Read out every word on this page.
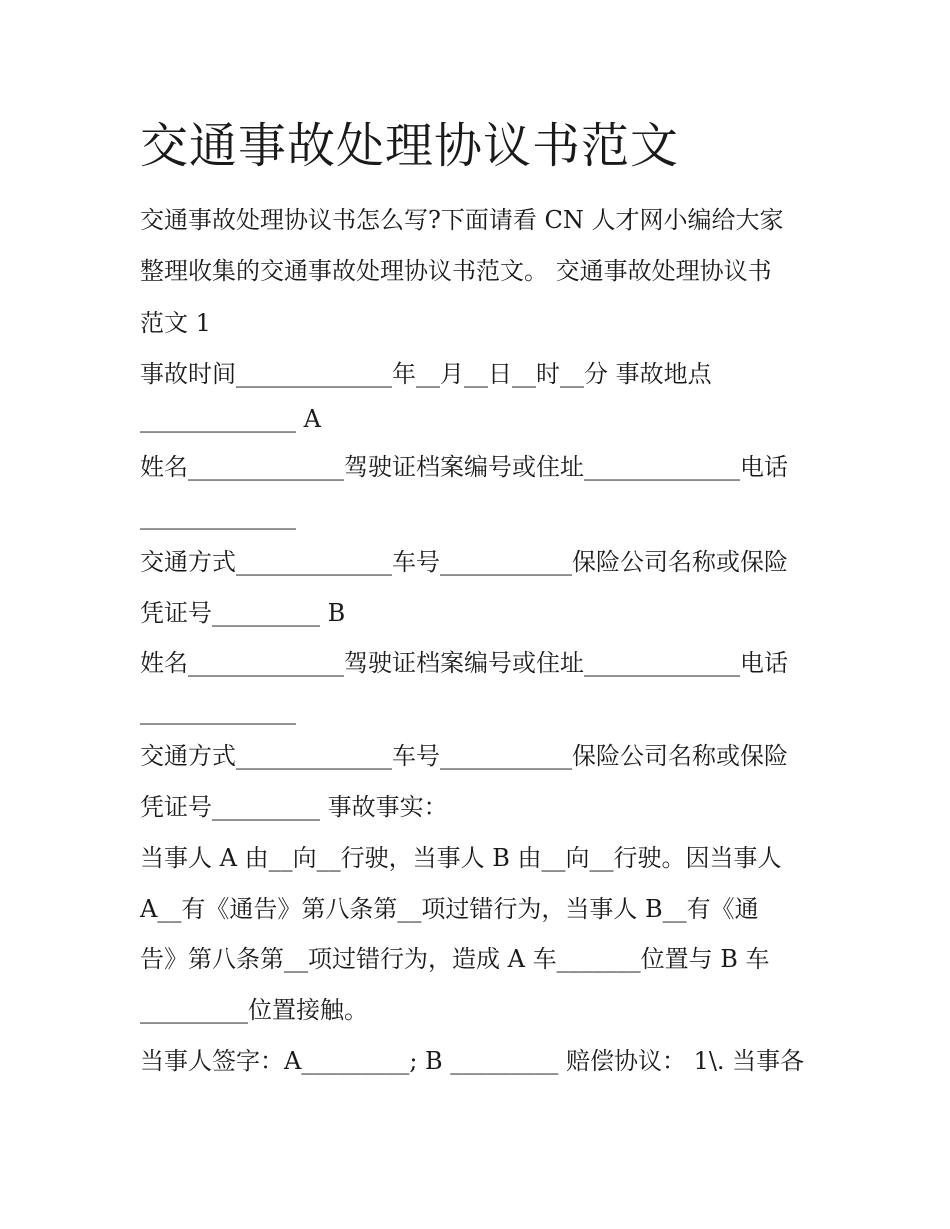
交通事故处理协议书范文

交通事故处理协议书怎么写?下面请看 CN 人才网小编给大家

整理收集的交通事故处理协议书范文。 交通事故处理协议书

范文 1

事故时间_____________年__月__日__时__分 事故地点

_____________ A

姓名_____________驾驶证档案编号或住址_____________电话

_____________

交通方式_____________车号___________保险公司名称或保险

凭证号_________ B

姓名_____________驾驶证档案编号或住址_____________电话

_____________

交通方式_____________车号___________保险公司名称或保险

凭证号_________ 事故事实：

当事人 A 由__向__行驶，当事人 B 由__向__行驶。因当事人

A__有《通告》第八条第__项过错行为，当事人 B__有《通

告》第八条第__项过错行为，造成 A 车_______位置与 B 车

_________位置接触。

当事人签字：A_________; B _________ 赔偿协议： 1\. 当事各
